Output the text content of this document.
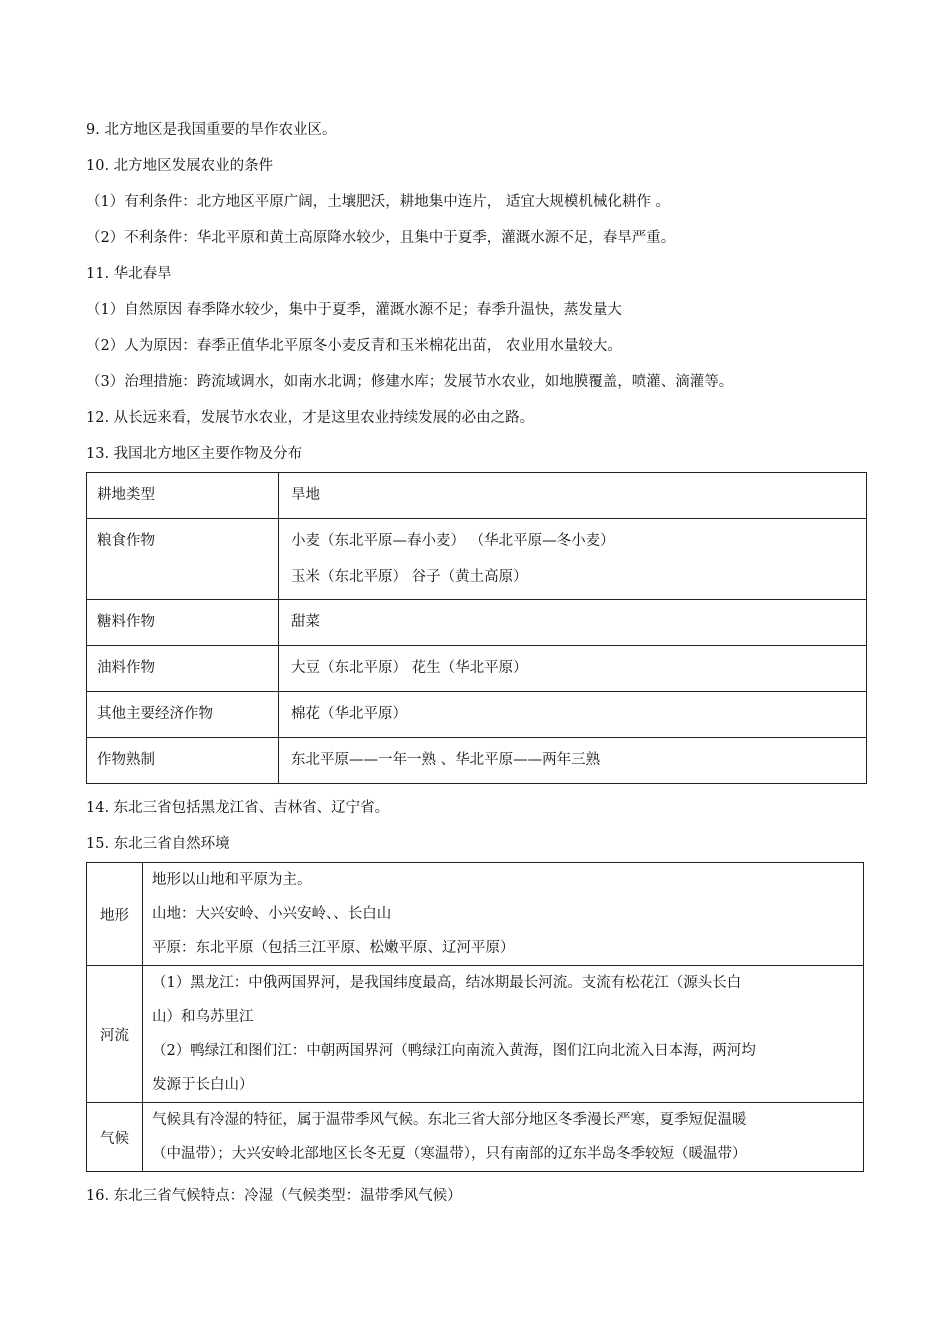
9. 北方地区是我国重要的旱作农业区。
10. 北方地区发展农业的条件
（1）有利条件：北方地区平原广阔，土壤肥沃，耕地集中连片， 适宜大规模机械化耕作 。
（2）不利条件：华北平原和黄土高原降水较少，且集中于夏季，灌溉水源不足，春旱严重。
11. 华北春旱
（1）自然原因 春季降水较少，集中于夏季，灌溉水源不足；春季升温快，蒸发量大
（2）人为原因：春季正值华北平原冬小麦反青和玉米棉花出苗， 农业用水量较大。
（3）治理措施：跨流域调水，如南水北调；修建水库；发展节水农业，如地膜覆盖，喷灌、滴灌等。
12. 从长远来看，发展节水农业，才是这里农业持续发展的必由之路。
13. 我国北方地区主要作物及分布
耕地类型	旱地

粮食作物	小麦（东北平原—春小麦） （华北平原—冬小麦）
玉米（东北平原） 谷子（黄土高原）

糖料作物	甜菜

油料作物	大豆（东北平原） 花生（华北平原）

其他主要经济作物	棉花（华北平原）

作物熟制	东北平原——一年一熟 、华北平原——两年三熟
14. 东北三省包括黑龙江省、吉林省、辽宁省。
15. 东北三省自然环境
地形	地形以山地和平原为主。
山地：大兴安岭、小兴安岭、、长白山
平原：东北平原（包括三江平原、松嫩平原、辽河平原）

河流	（1）黑龙江：中俄两国界河，是我国纬度最高，结冰期最长河流。支流有松花江（源头长白
山）和乌苏里江
（2）鸭绿江和图们江：中朝两国界河（鸭绿江向南流入黄海，图们江向北流入日本海，两河均
发源于长白山）

气候	气候具有冷湿的特征，属于温带季风气候。东北三省大部分地区冬季漫长严寒，夏季短促温暖
（中温带）；大兴安岭北部地区长冬无夏（寒温带），只有南部的辽东半岛冬季较短（暖温带）
16. 东北三省气候特点：冷湿（气候类型：温带季风气候）
